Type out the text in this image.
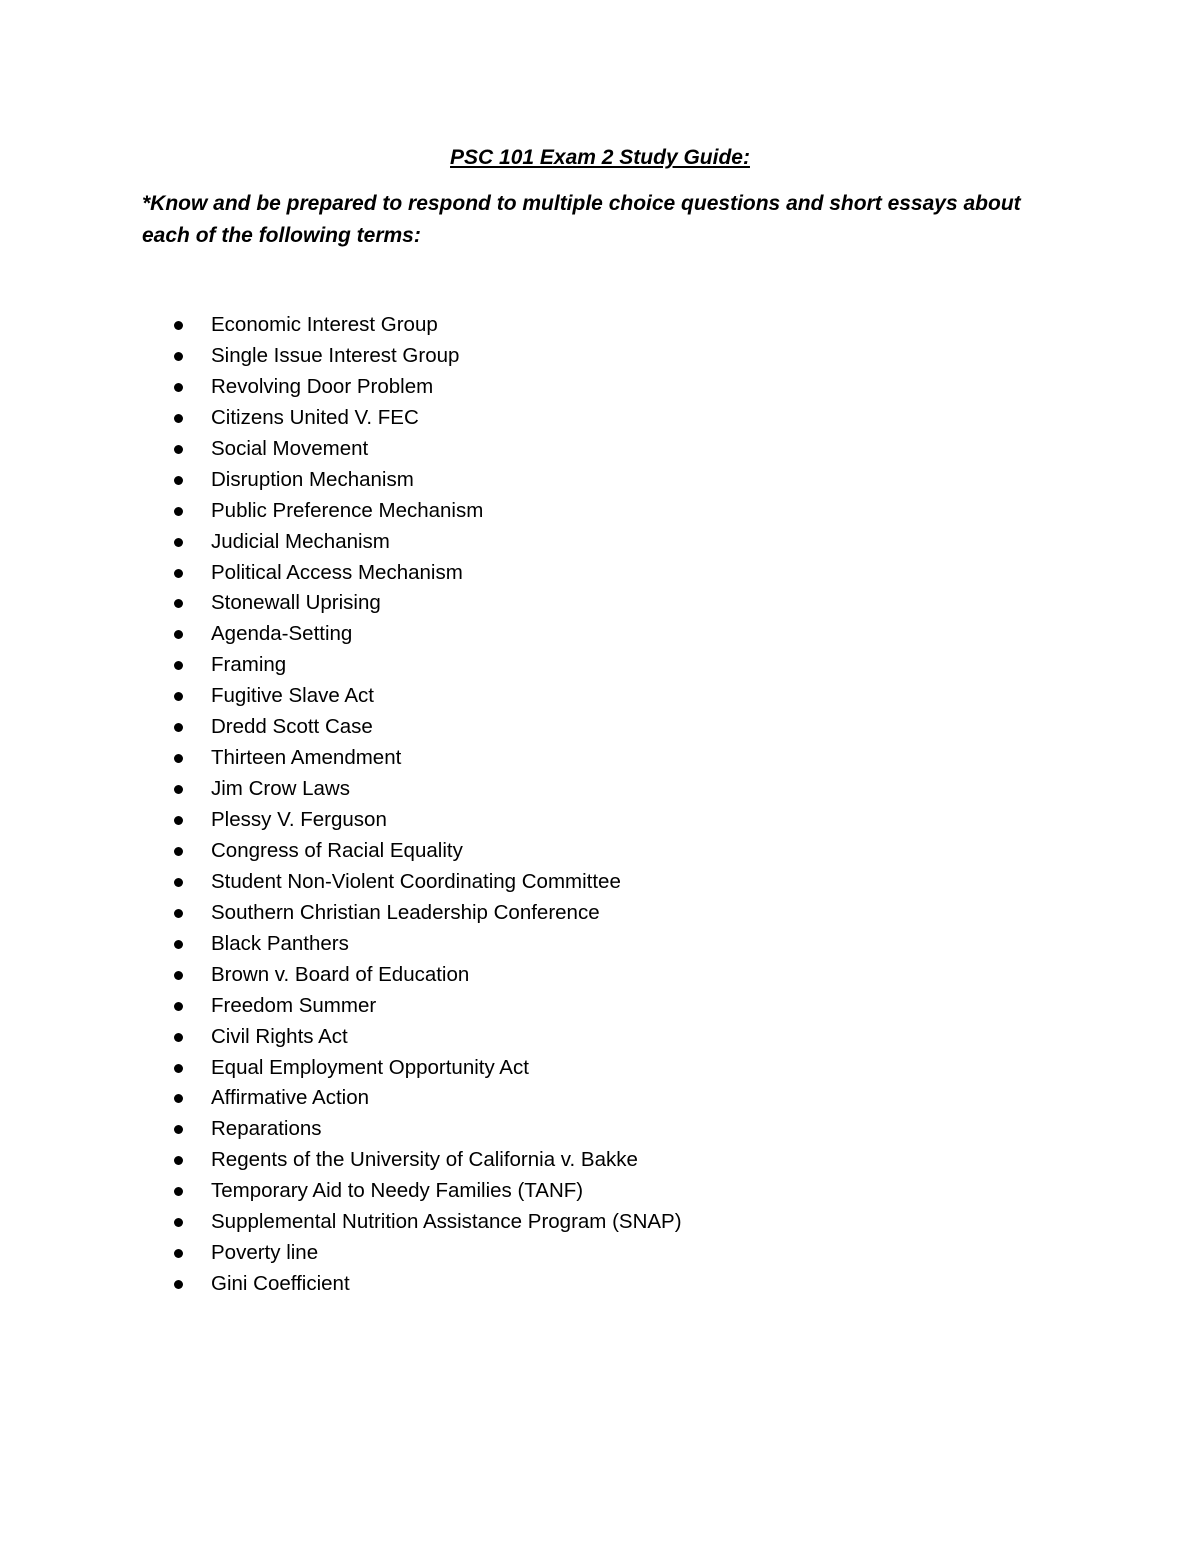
PSC 101 Exam 2 Study Guide:
*Know and be prepared to respond to multiple choice questions and short essays about each of the following terms:
Economic Interest Group
Single Issue Interest Group
Revolving Door Problem
Citizens United V. FEC
Social Movement
Disruption Mechanism
Public Preference Mechanism
Judicial Mechanism
Political Access Mechanism
Stonewall Uprising
Agenda-Setting
Framing
Fugitive Slave Act
Dredd Scott Case
Thirteen Amendment
Jim Crow Laws
Plessy V. Ferguson
Congress of Racial Equality
Student Non-Violent Coordinating Committee
Southern Christian Leadership Conference
Black Panthers
Brown v. Board of Education
Freedom Summer
Civil Rights Act
Equal Employment Opportunity Act
Affirmative Action
Reparations
Regents of the University of California v. Bakke
Temporary Aid to Needy Families (TANF)
Supplemental Nutrition Assistance Program (SNAP)
Poverty line
Gini Coefficient
